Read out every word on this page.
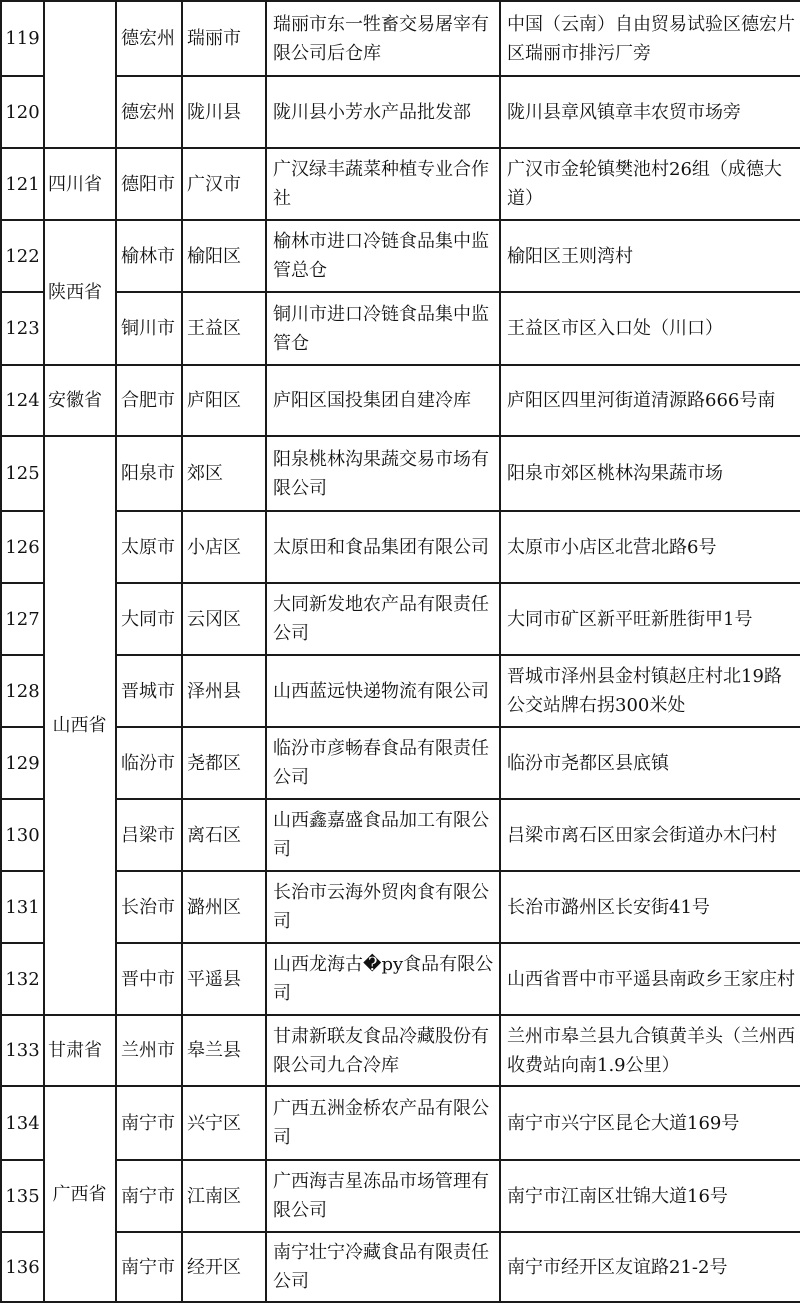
119		德宏州	瑞丽市	瑞丽市东一牲畜交易屠宰有限公司后仓库	中国（云南）自由贸易试验区德宏片区瑞丽市排污厂旁
120		德宏州	陇川县	陇川县小芳水产品批发部	陇川县章风镇章丰农贸市场旁
121	四川省	德阳市	广汉市	广汉绿丰蔬菜种植专业合作社	广汉市金轮镇樊池村26组（成德大道）
122	陕西省	榆林市	榆阳区	榆林市进口冷链食品集中监管总仓	榆阳区王则湾村
123		铜川市	王益区	铜川市进口冷链食品集中监管仓	王益区市区入口处（川口）
124	安徽省	合肥市	庐阳区	庐阳区国投集团自建冷库	庐阳区四里河街道清源路666号南
125	山西省	阳泉市	郊区	阳泉桃林沟果蔬交易市场有限公司	阳泉市郊区桃林沟果蔬市场
126		太原市	小店区	太原田和食品集团有限公司	太原市小店区北营北路6号
127		大同市	云冈区	大同新发地农产品有限责任公司	大同市矿区新平旺新胜街甲1号
128		晋城市	泽州县	山西蓝远快递物流有限公司	晋城市泽州县金村镇赵庄村北19路公交站牌右拐300米处
129		临汾市	尧都区	临汾市彦畅春食品有限责任公司	临汾市尧都区县底镇
130		吕梁市	离石区	山西鑫嘉盛食品加工有限公司	吕梁市离石区田家会街道办木闩村
131		长治市	潞州区	长治市云海外贸肉食有限公司	长治市潞州区长安街41号
132		晋中市	平遥县	山西龙海古�py食品有限公司	山西省晋中市平遥县南政乡王家庄村
133	甘肃省	兰州市	皋兰县	甘肃新联友食品冷藏股份有限公司九合冷库	兰州市皋兰县九合镇黄羊头（兰州西收费站向南1.9公里）
134	广西省	南宁市	兴宁区	广西五洲金桥农产品有限公司	南宁市兴宁区昆仑大道169号
135		南宁市	江南区	广西海吉星冻品市场管理有限公司	南宁市江南区壮锦大道16号
136		南宁市	经开区	南宁壮宁冷藏食品有限责任公司	南宁市经开区友谊路21-2号
